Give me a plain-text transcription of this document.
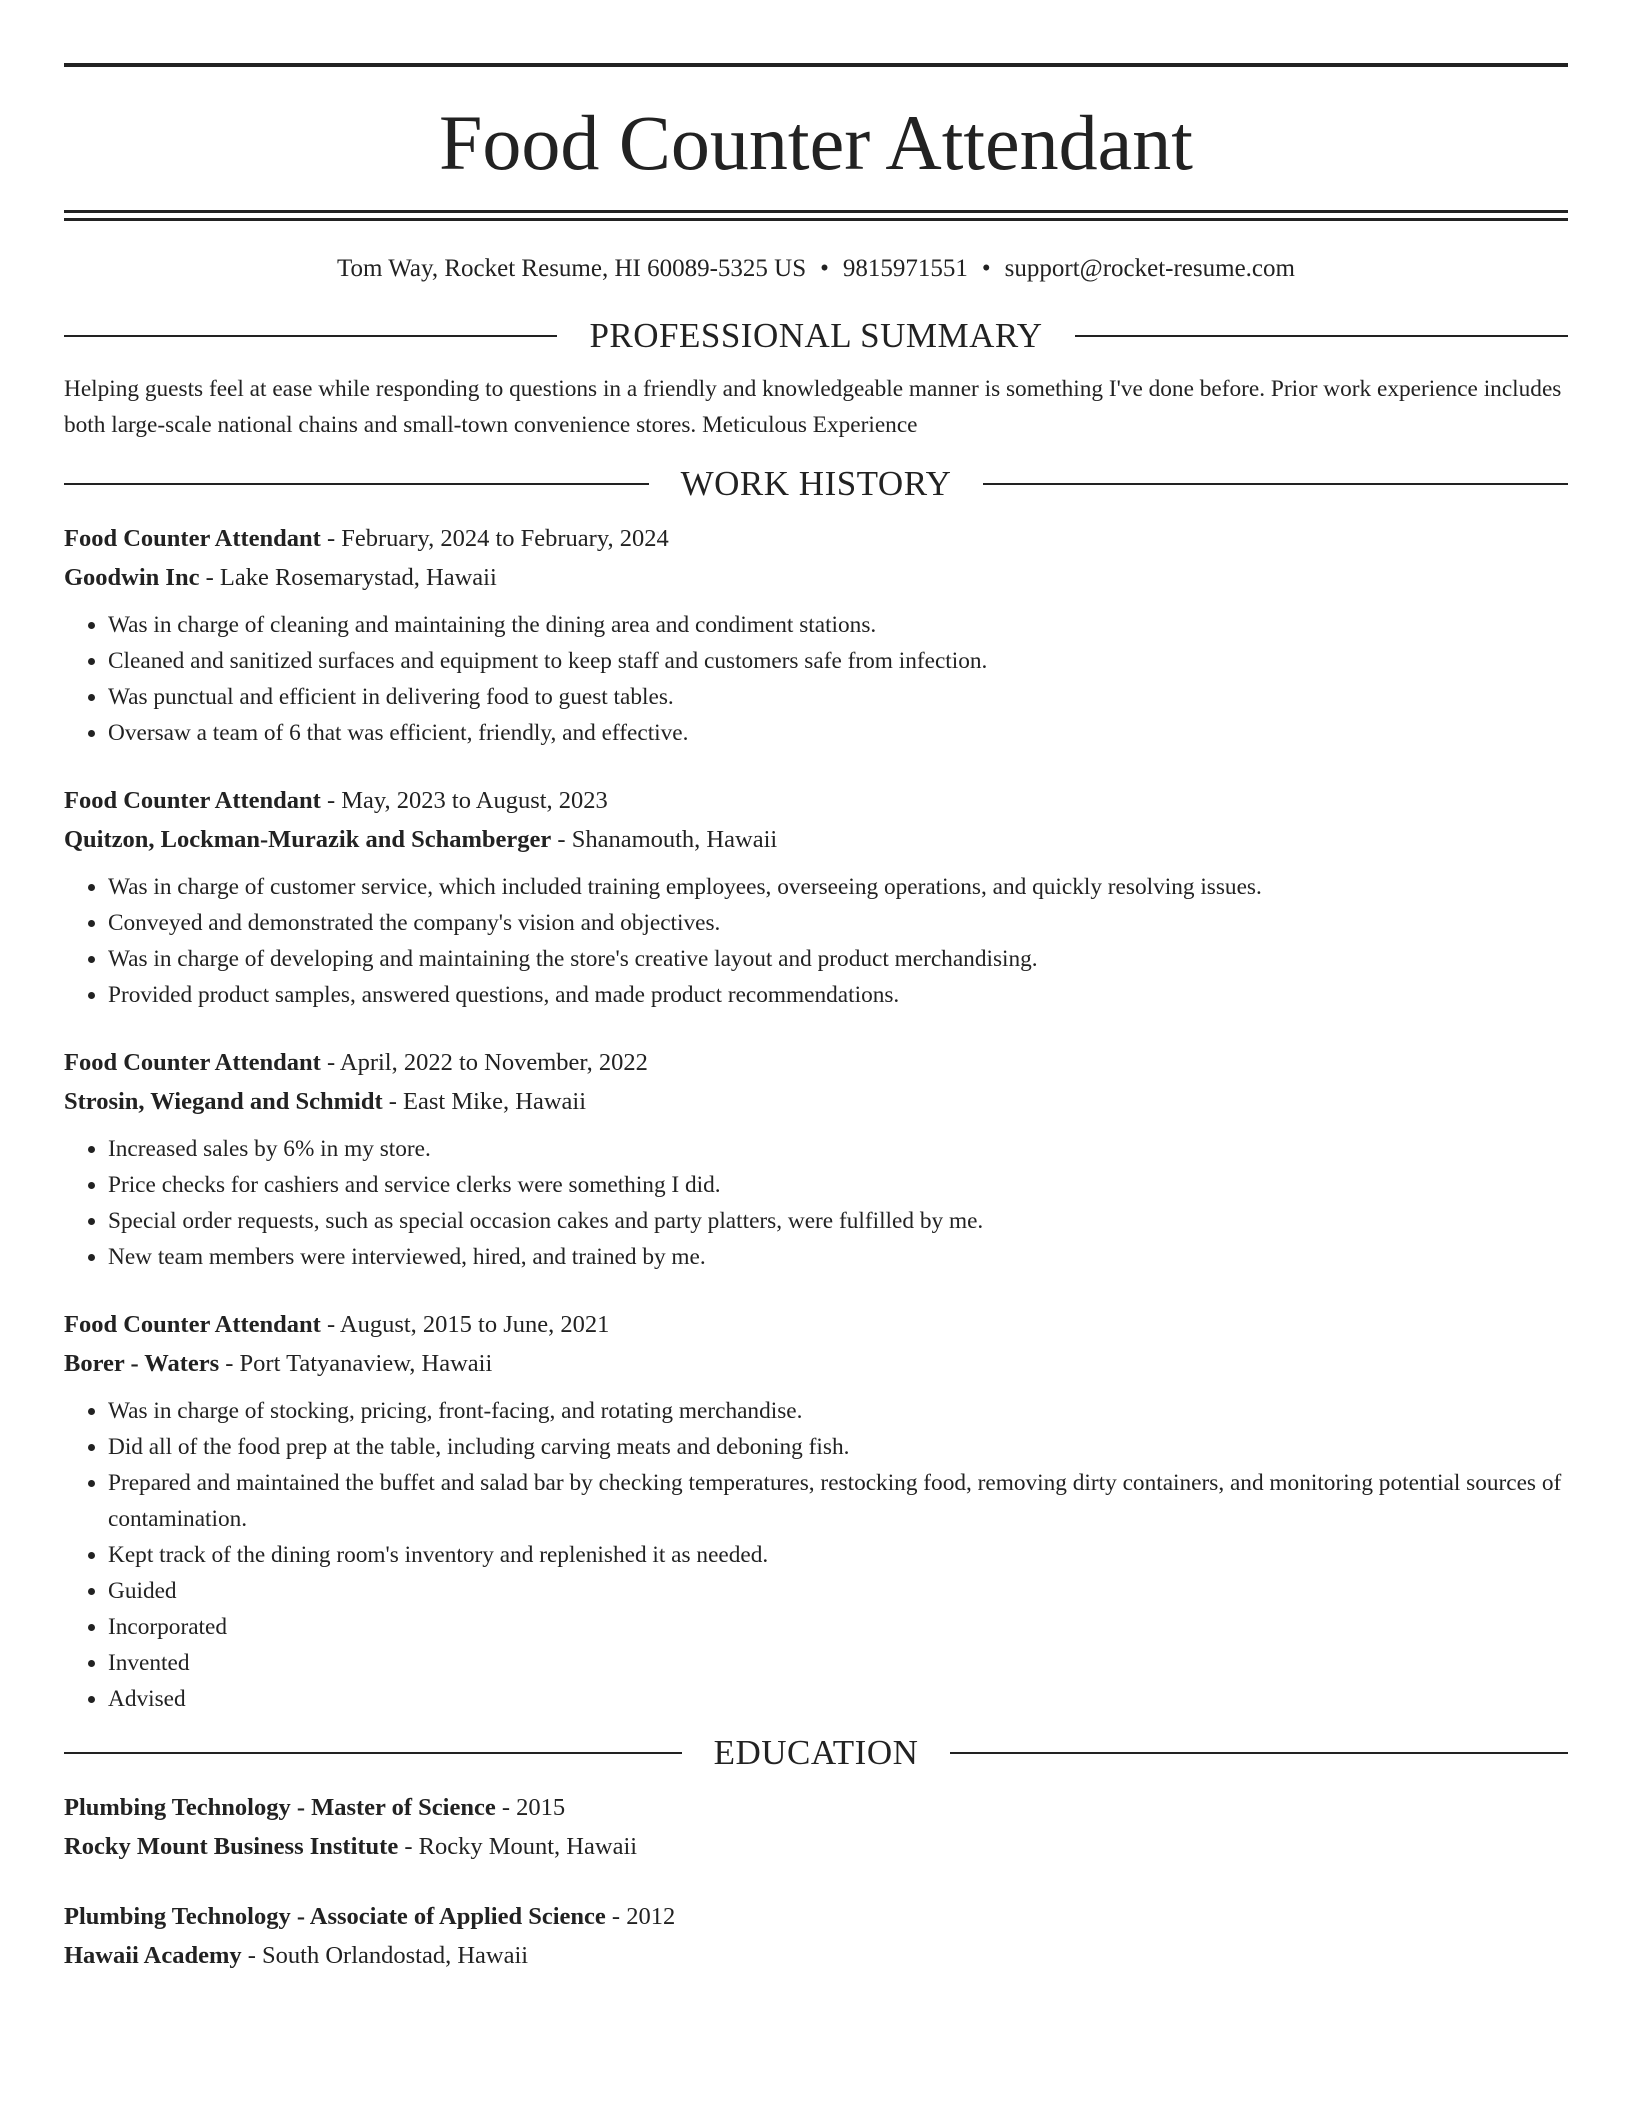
Food Counter Attendant
Tom Way, Rocket Resume, HI 60089-5325 US • 9815971551 • support@rocket-resume.com
PROFESSIONAL SUMMARY
Helping guests feel at ease while responding to questions in a friendly and knowledgeable manner is something I've done before. Prior work experience includes both large-scale national chains and small-town convenience stores. Meticulous Experience
WORK HISTORY
Food Counter Attendant - February, 2024 to February, 2024
Goodwin Inc - Lake Rosemarystad, Hawaii
• Was in charge of cleaning and maintaining the dining area and condiment stations.
• Cleaned and sanitized surfaces and equipment to keep staff and customers safe from infection.
• Was punctual and efficient in delivering food to guest tables.
• Oversaw a team of 6 that was efficient, friendly, and effective.
Food Counter Attendant - May, 2023 to August, 2023
Quitzon, Lockman-Murazik and Schamberger - Shanamouth, Hawaii
• Was in charge of customer service, which included training employees, overseeing operations, and quickly resolving issues.
• Conveyed and demonstrated the company's vision and objectives.
• Was in charge of developing and maintaining the store's creative layout and product merchandising.
• Provided product samples, answered questions, and made product recommendations.
Food Counter Attendant - April, 2022 to November, 2022
Strosin, Wiegand and Schmidt - East Mike, Hawaii
• Increased sales by 6% in my store.
• Price checks for cashiers and service clerks were something I did.
• Special order requests, such as special occasion cakes and party platters, were fulfilled by me.
• New team members were interviewed, hired, and trained by me.
Food Counter Attendant - August, 2015 to June, 2021
Borer - Waters - Port Tatyanaview, Hawaii
• Was in charge of stocking, pricing, front-facing, and rotating merchandise.
• Did all of the food prep at the table, including carving meats and deboning fish.
• Prepared and maintained the buffet and salad bar by checking temperatures, restocking food, removing dirty containers, and monitoring potential sources of contamination.
• Kept track of the dining room's inventory and replenished it as needed.
• Guided
• Incorporated
• Invented
• Advised
EDUCATION
Plumbing Technology - Master of Science - 2015
Rocky Mount Business Institute - Rocky Mount, Hawaii
Plumbing Technology - Associate of Applied Science - 2012
Hawaii Academy - South Orlandostad, Hawaii
